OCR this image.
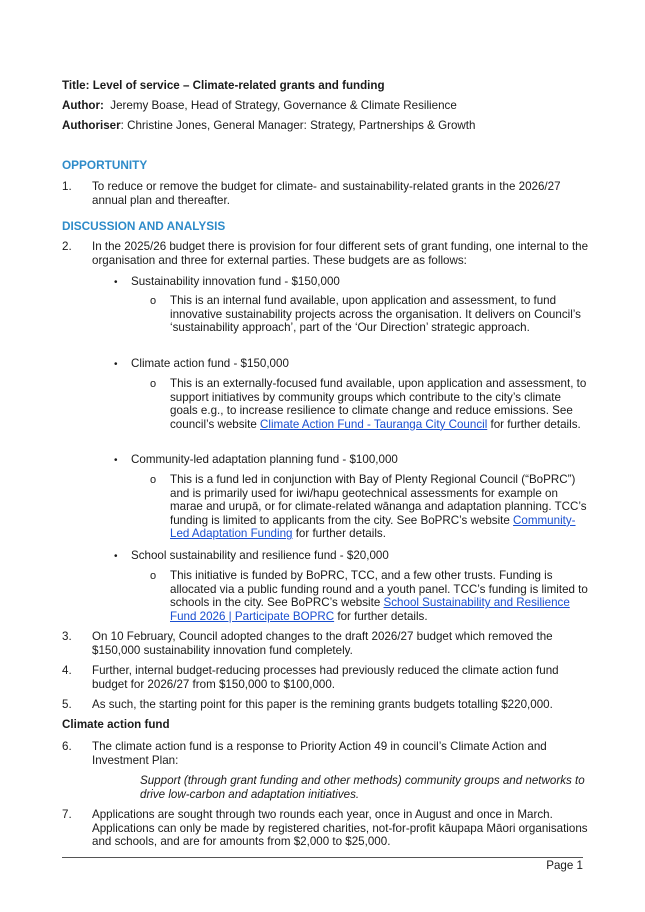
Title: Level of service – Climate-related grants and funding
Author:  Jeremy Boase, Head of Strategy, Governance & Climate Resilience
Authoriser: Christine Jones, General Manager: Strategy, Partnerships & Growth
OPPORTUNITY
1. To reduce or remove the budget for climate- and sustainability-related grants in the 2026/27 annual plan and thereafter.
DISCUSSION AND ANALYSIS
2. In the 2025/26 budget there is provision for four different sets of grant funding, one internal to the organisation and three for external parties. These budgets are as follows:
• Sustainability innovation fund - $150,000
o This is an internal fund available, upon application and assessment, to fund innovative sustainability projects across the organisation. It delivers on Council’s ‘sustainability approach’, part of the ‘Our Direction’ strategic approach.
• Climate action fund - $150,000
o This is an externally-focused fund available, upon application and assessment, to support initiatives by community groups which contribute to the city’s climate goals e.g., to increase resilience to climate change and reduce emissions. See council’s website Climate Action Fund - Tauranga City Council for further details.
• Community-led adaptation planning fund - $100,000
o This is a fund led in conjunction with Bay of Plenty Regional Council (“BoPRC”) and is primarily used for iwi/hapu geotechnical assessments for example on marae and urupā, or for climate-related wānanga and adaptation planning. TCC’s funding is limited to applicants from the city. See BoPRC’s website Community-Led Adaptation Funding for further details.
• School sustainability and resilience fund - $20,000
o This initiative is funded by BoPRC, TCC, and a few other trusts. Funding is allocated via a public funding round and a youth panel. TCC’s funding is limited to schools in the city. See BoPRC’s website School Sustainability and Resilience Fund 2026 | Participate BOPRC for further details.
3. On 10 February, Council adopted changes to the draft 2026/27 budget which removed the $150,000 sustainability innovation fund completely.
4. Further, internal budget-reducing processes had previously reduced the climate action fund budget for 2026/27 from $150,000 to $100,000.
5. As such, the starting point for this paper is the remining grants budgets totalling $220,000.
Climate action fund
6. The climate action fund is a response to Priority Action 49 in council’s Climate Action and Investment Plan:
Support (through grant funding and other methods) community groups and networks to drive low-carbon and adaptation initiatives.
7. Applications are sought through two rounds each year, once in August and once in March. Applications can only be made by registered charities, not-for-profit kāupapa Māori organisations and schools, and are for amounts from $2,000 to $25,000.
Page 1
